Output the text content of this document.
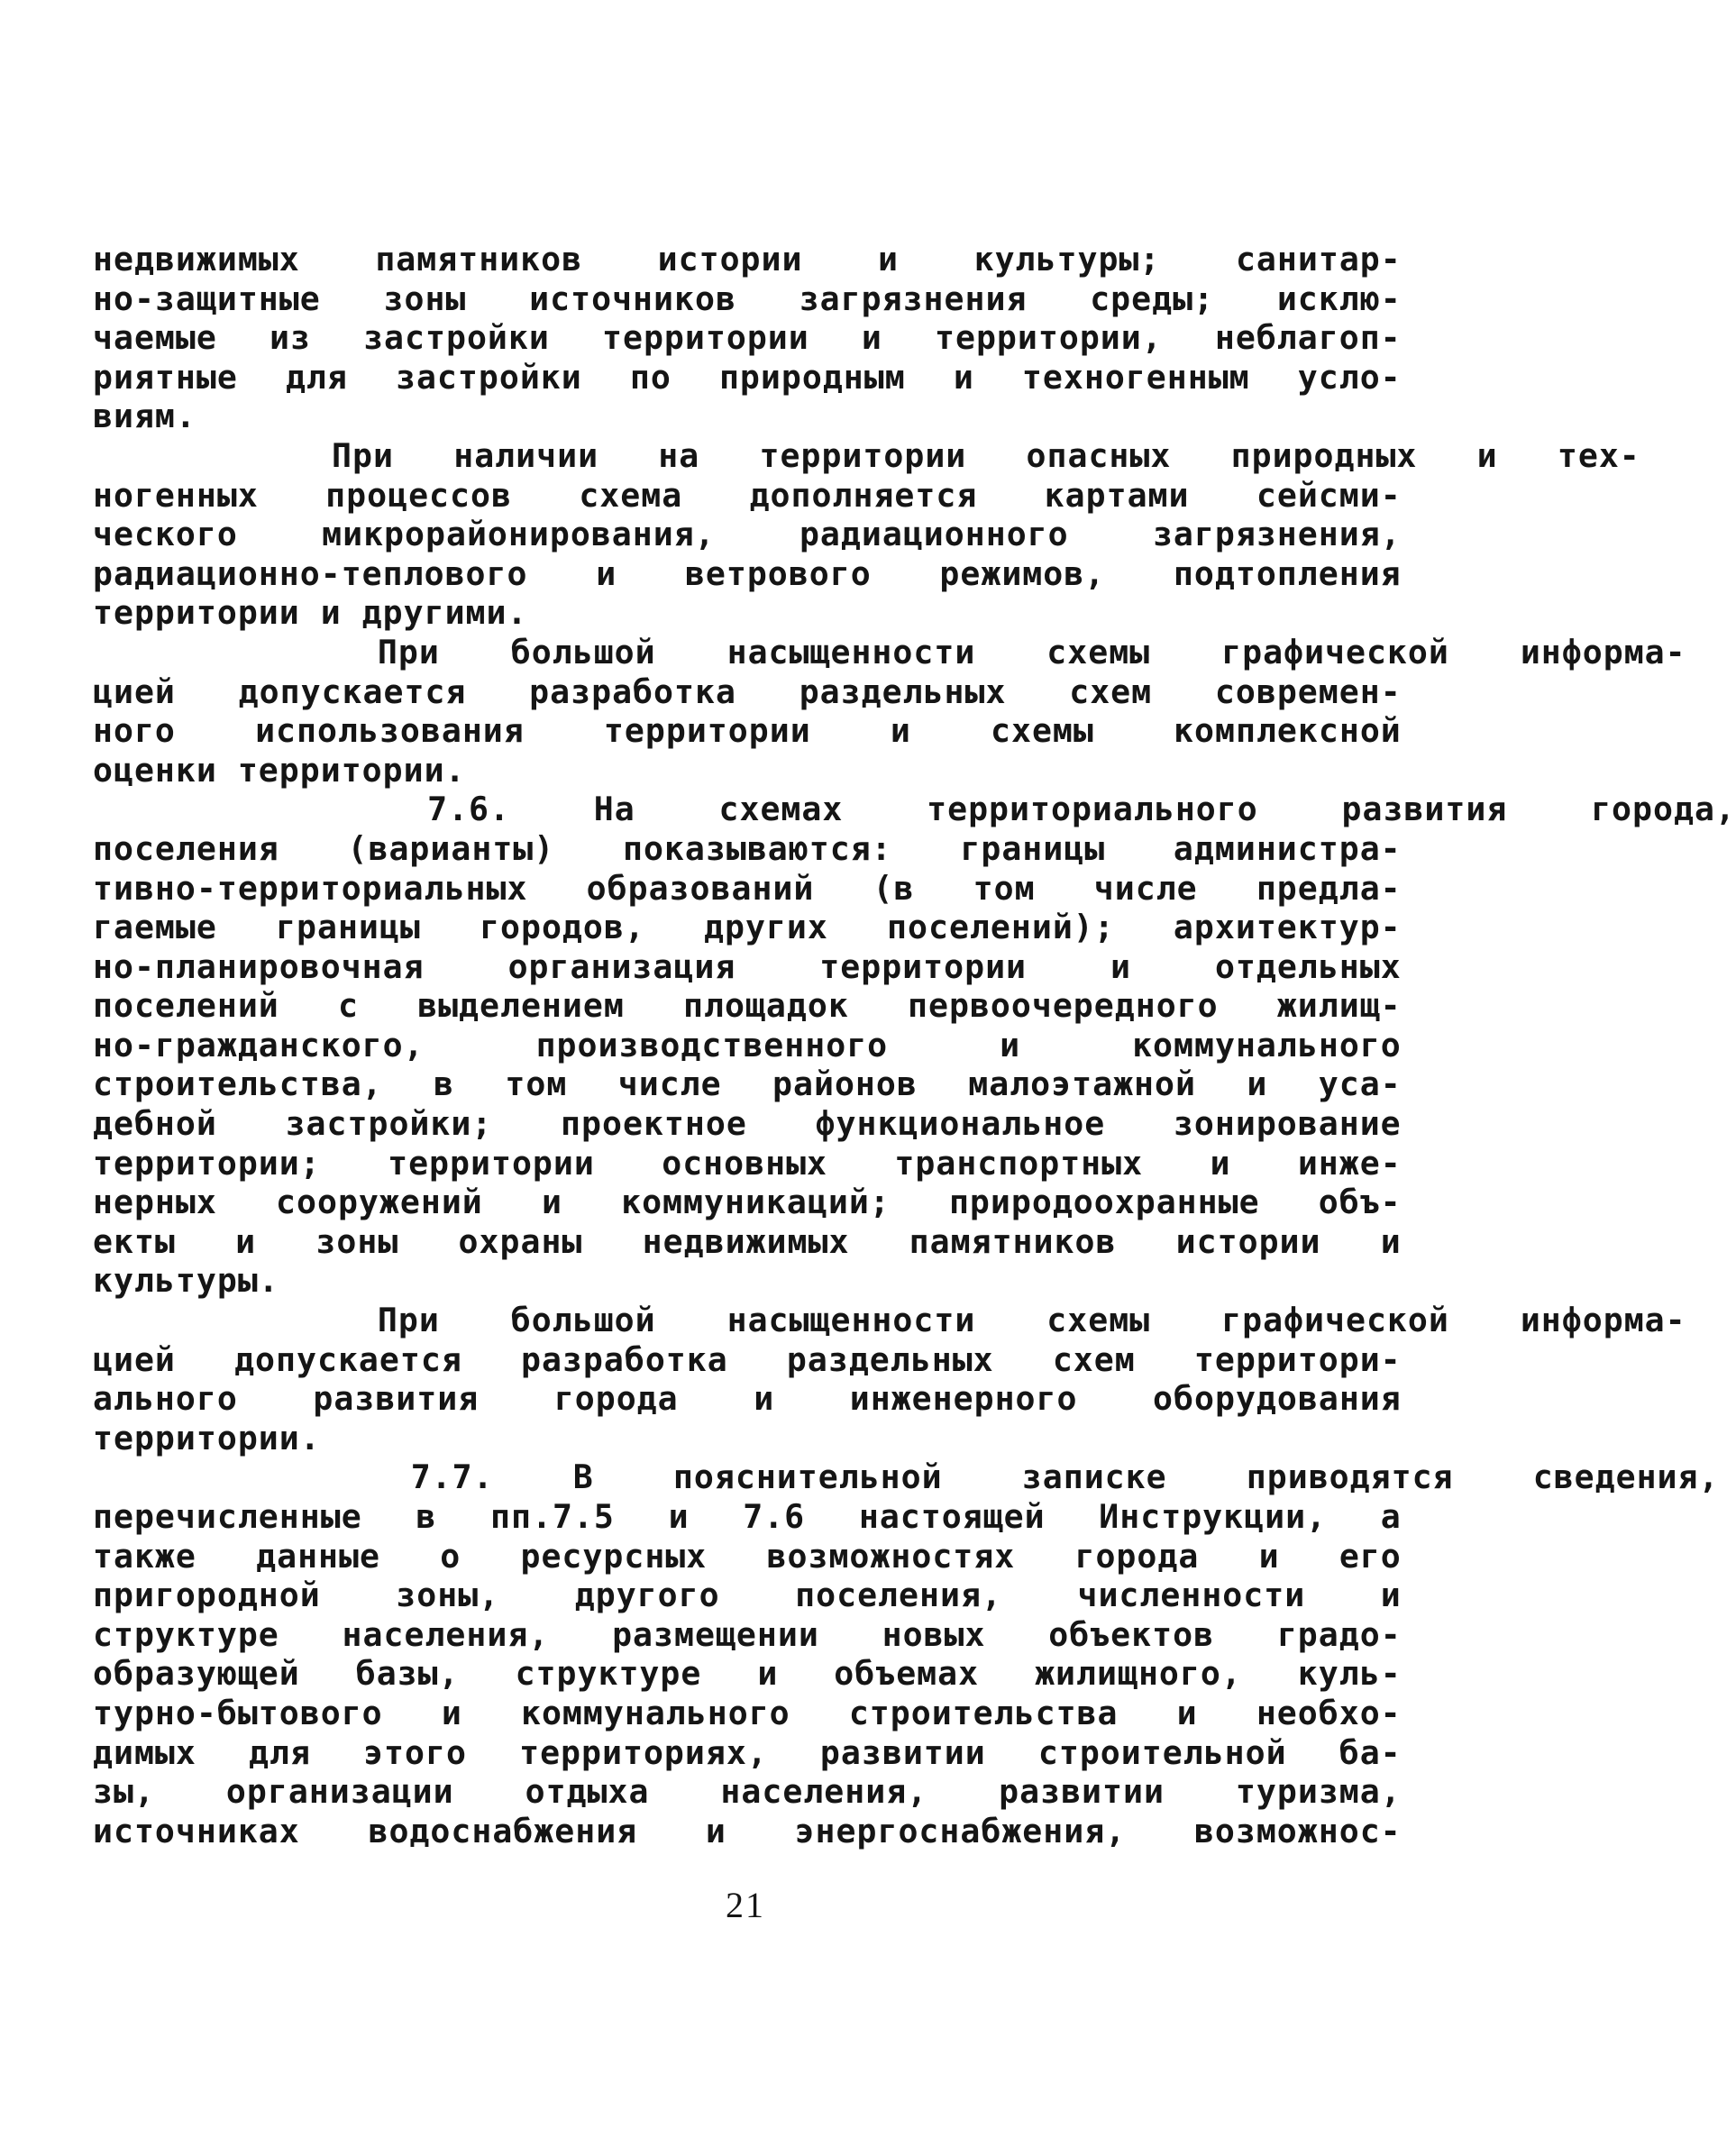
недвижимых памятников истории и культуры; санитар-
но-защитные зоны источников загрязнения среды; исклю-
чаемые из застройки территории и территории, неблагоп-
риятные для застройки по природным и техногенным усло-
виям.
При наличии на территории опасных природных и тех-
ногенных процессов схема дополняется картами сейсми-
ческого микрорайонирования, радиационного загрязнения,
радиационно-теплового и ветрового режимов, подтопления
территории и другими.
При большой насыщенности схемы графической информа-
цией допускается разработка раздельных схем современ-
ного использования территории и схемы комплексной
оценки территории.
7.6. На схемах территориального развития города,
поселения (варианты) показываются: границы администра-
тивно-территориальных образований (в том числе предла-
гаемые границы городов, других поселений); архитектур-
но-планировочная организация территории и отдельных
поселений с выделением площадок первоочередного жилищ-
но-гражданского, производственного и коммунального
строительства, в том числе районов малоэтажной и уса-
дебной застройки; проектное функциональное зонирование
территории; территории основных транспортных и инже-
нерных сооружений и коммуникаций; природоохранные объ-
екты и зоны охраны недвижимых памятников истории и
культуры.
При большой насыщенности схемы графической информа-
цией допускается разработка раздельных схем территори-
ального развития города и инженерного оборудования
территории.
7.7. В пояснительной записке приводятся сведения,
перечисленные в пп.7.5 и 7.6 настоящей Инструкции, а
также данные о ресурсных возможностях города и его
пригородной зоны, другого поселения, численности и
структуре населения, размещении новых объектов градо-
образующей базы, структуре и объемах жилищного, куль-
турно-бытового и коммунального строительства и необхо-
димых для этого территориях, развитии строительной ба-
зы, организации отдыха населения, развитии туризма,
источниках водоснабжения и энергоснабжения, возможнос-
21
